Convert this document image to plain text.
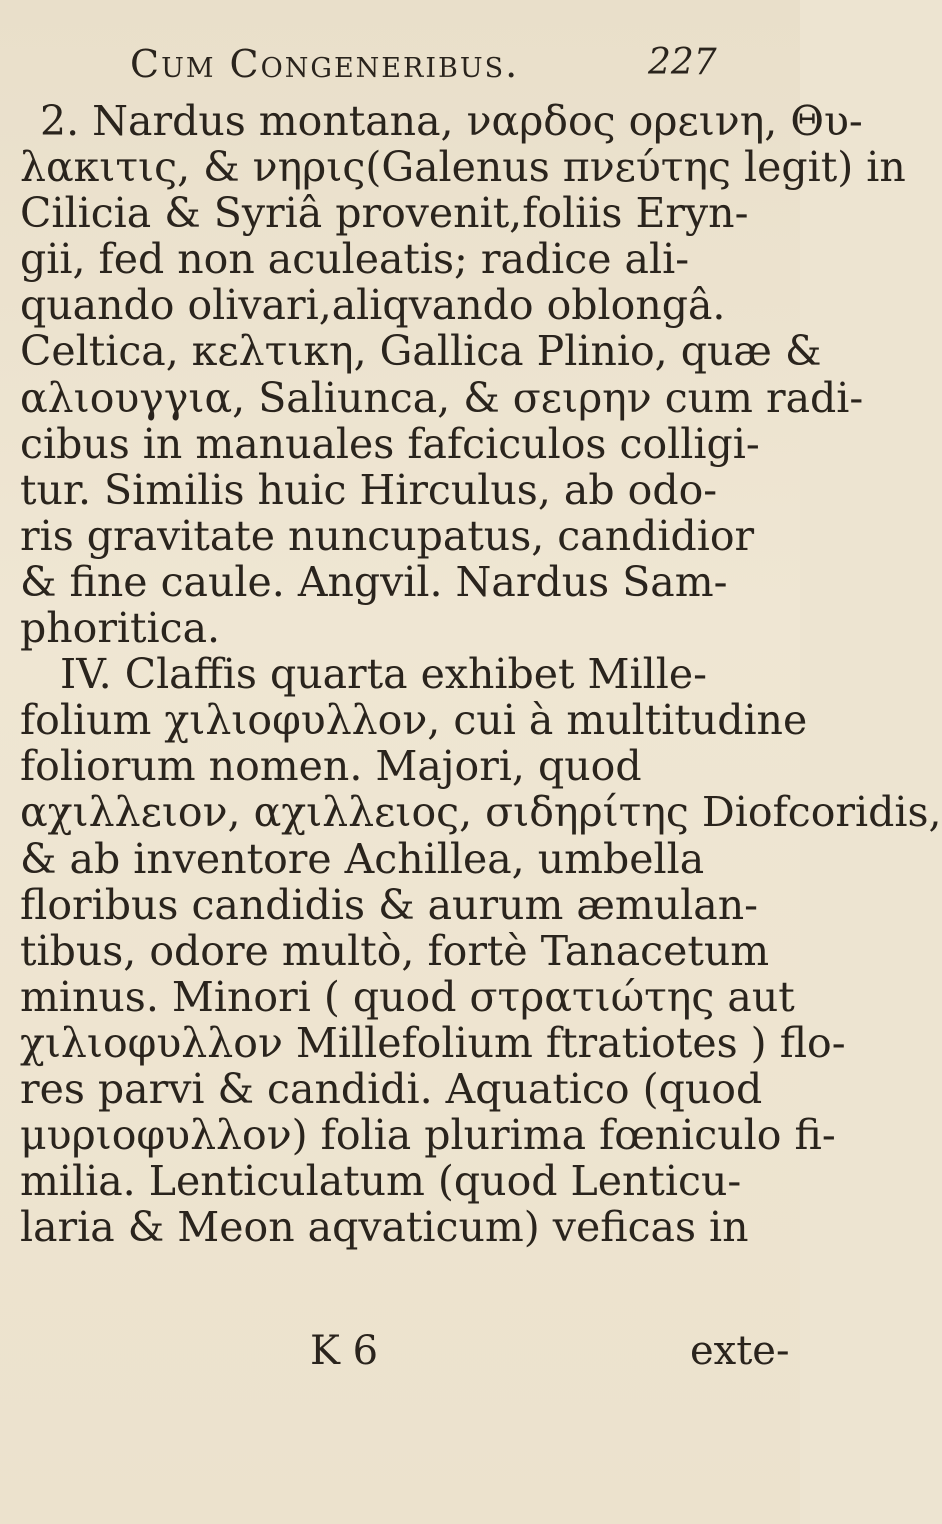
Cum Congeneribus.	227
2. Nardus montana, ναρδος ορεινη, Θυ-
λακιτις, & νηρις(Galenus πνεύτης legit) in
Cilicia & Syriâ provenit,foliis Eryn-
gii, fed non aculeatis; radice ali-
quando olivari,aliqvando oblongâ.
Celtica, κελτικη, Gallica Plinio, quæ &
αλιουγγια, Saliunca, & σειρην cum radi-
cibus in manuales fafciculos colligi-
tur. Similis huic Hirculus, ab odo-
ris gravitate nuncupatus, candidior
& fine caule. Angvil. Nardus Sam-
phoritica.
IV. Claffis quarta exhibet Mille-
folium χιλιοφυλλον, cui à multitudine
foliorum nomen. Majori, quod
αχιλλειον, αχιλλειος, σιδηρίτης Diofcoridis,
& ab inventore Achillea, umbella
floribus candidis & aurum æmulan-
tibus, odore multò, fortè Tanacetum
minus. Minori ( quod στρατιώτης aut
χιλιοφυλλον Millefolium ftratiotes ) flo-
res parvi & candidi. Aquatico (quod
μυριοφυλλον) folia plurima fœniculo fi-
milia. Lenticulatum (quod Lenticu-
laria & Meon aqvaticum) veficas in
K 6	exte-
